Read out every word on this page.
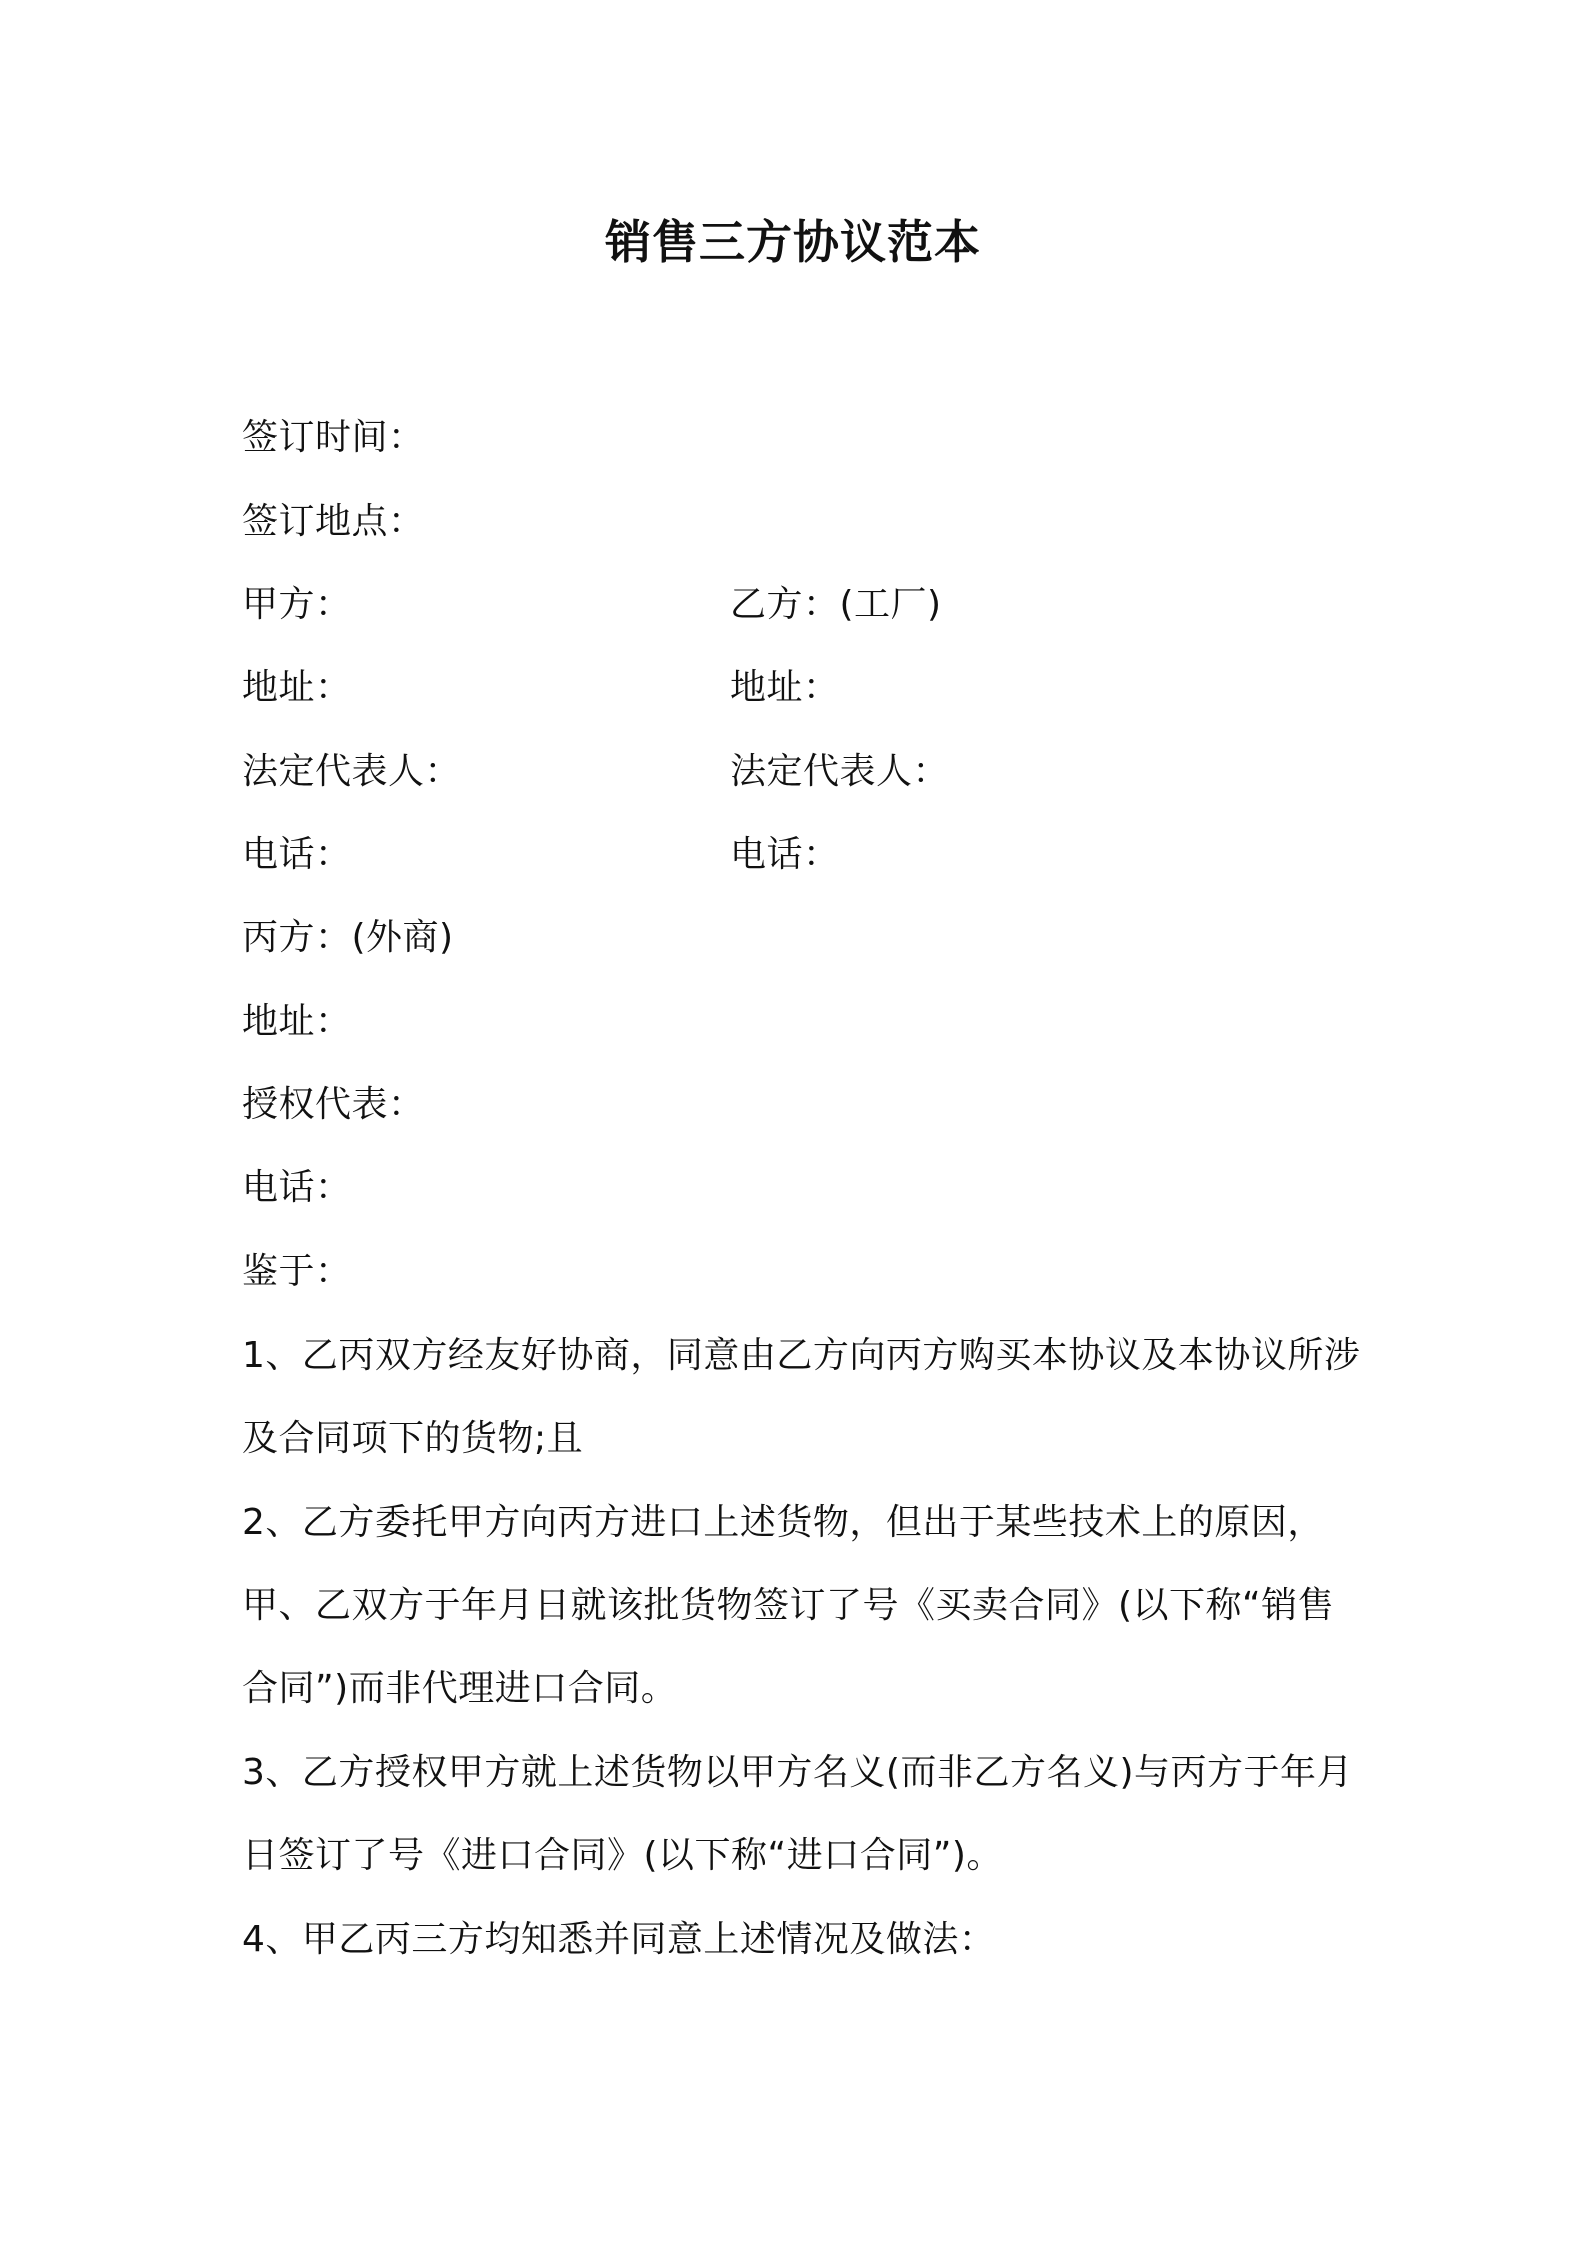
销售三方协议范本
签订时间：
签订地点：
甲方：	乙方：(工厂)
地址：	地址：
法定代表人：	法定代表人：
电话：	电话：
丙方：(外商)
地址：
授权代表：
电话：
鉴于：

1、乙丙双方经友好协商，同意由乙方向丙方购买本协议及本协议所涉及合同项下的货物;且

2、乙方委托甲方向丙方进口上述货物，但出于某些技术上的原因，甲、乙双方于年月日就该批货物签订了号《买卖合同》(以下称“销售合同”)而非代理进口合同。

3、乙方授权甲方就上述货物以甲方名义(而非乙方名义)与丙方于年月日签订了号《进口合同》(以下称“进口合同”)。

4、甲乙丙三方均知悉并同意上述情况及做法：
